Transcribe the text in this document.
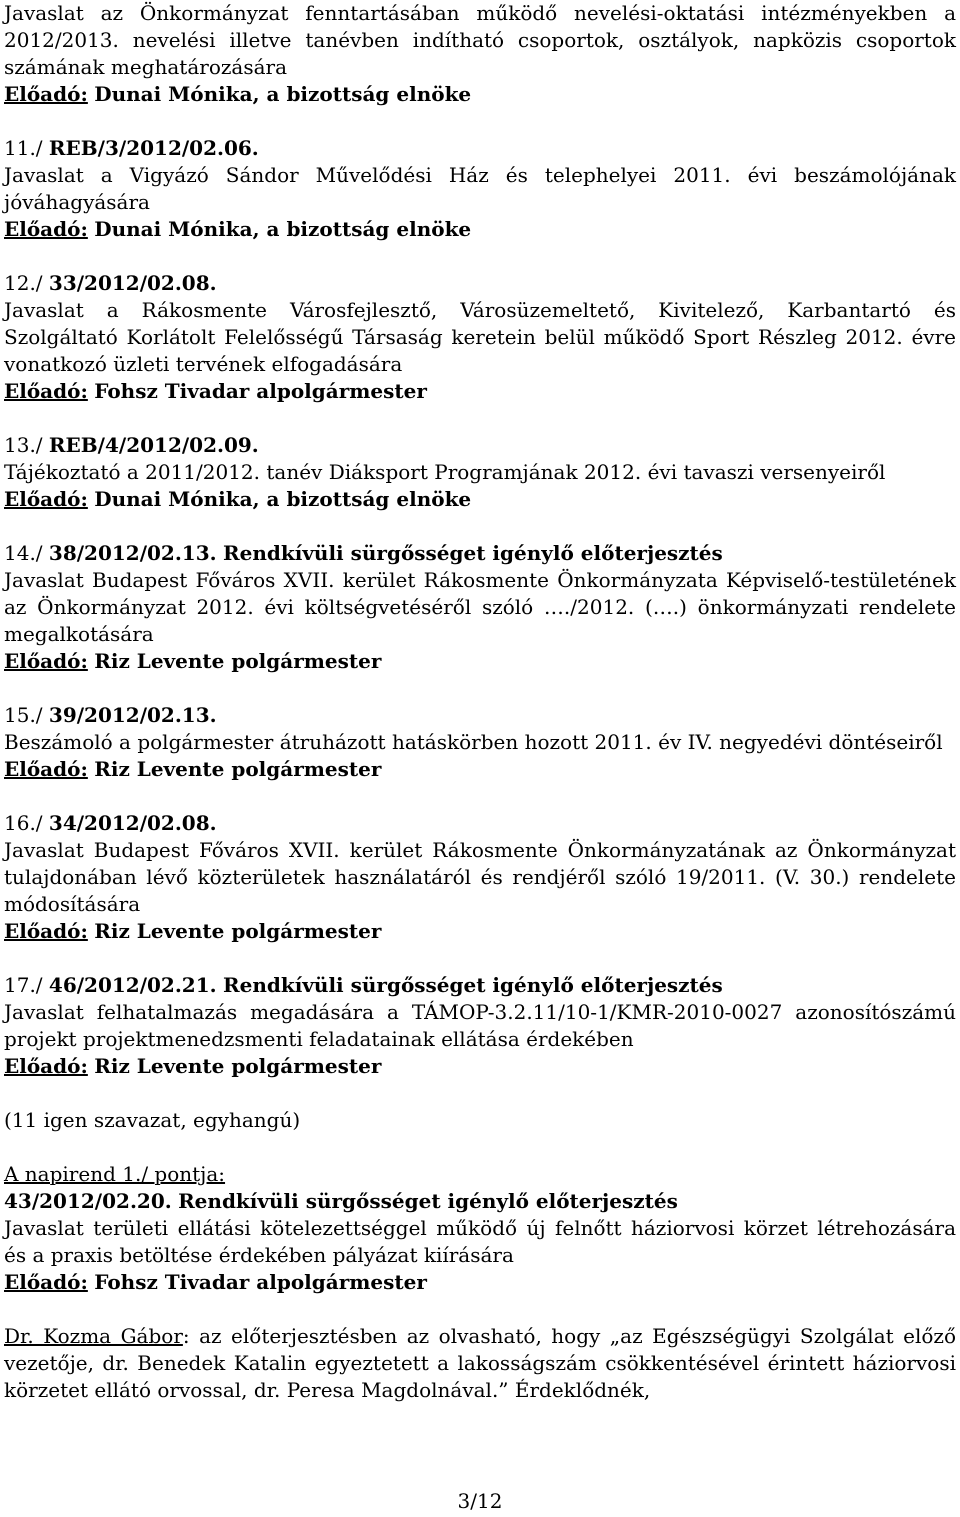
Javaslat az Önkormányzat fenntartásában működő nevelési-oktatási intézményekben a 2012/2013. nevelési illetve tanévben indítható csoportok, osztályok, napközis csoportok számának meghatározására

Előadó: Dunai Mónika, a bizottság elnöke

11./ REB/3/2012/02.06.

Javaslat a Vigyázó Sándor Művelődési Ház és telephelyei 2011. évi beszámolójának jóváhagyására

Előadó: Dunai Mónika, a bizottság elnöke

12./ 33/2012/02.08.

Javaslat a Rákosmente Városfejlesztő, Városüzemeltető, Kivitelező, Karbantartó és Szolgáltató Korlátolt Felelősségű Társaság keretein belül működő Sport Részleg 2012. évre vonatkozó üzleti tervének elfogadására

Előadó: Fohsz Tivadar alpolgármester

13./ REB/4/2012/02.09.

Tájékoztató a 2011/2012. tanév Diáksport Programjának 2012. évi tavaszi versenyeiről

Előadó: Dunai Mónika, a bizottság elnöke

14./ 38/2012/02.13. Rendkívüli sürgősséget igénylő előterjesztés

Javaslat Budapest Főváros XVII. kerület Rákosmente Önkormányzata Képviselő-testületének az Önkormányzat 2012. évi költségvetéséről szóló …./2012. (….) önkormányzati rendelete megalkotására

Előadó: Riz Levente polgármester

15./ 39/2012/02.13.

Beszámoló a polgármester átruházott hatáskörben hozott 2011. év IV. negyedévi döntéseiről

Előadó: Riz Levente polgármester

16./ 34/2012/02.08.

Javaslat Budapest Főváros XVII. kerület Rákosmente Önkormányzatának az Önkormányzat tulajdonában lévő közterületek használatáról és rendjéről szóló 19/2011. (V. 30.) rendelete módosítására

Előadó: Riz Levente polgármester

17./ 46/2012/02.21. Rendkívüli sürgősséget igénylő előterjesztés

Javaslat felhatalmazás megadására a TÁMOP-3.2.11/10-1/KMR-2010-0027 azonosítószámú projekt projektmenedzsmenti feladatainak ellátása érdekében

Előadó: Riz Levente polgármester

(11 igen szavazat, egyhangú)

A napirend 1./ pontja:

43/2012/02.20. Rendkívüli sürgősséget igénylő előterjesztés

Javaslat területi ellátási kötelezettséggel működő új felnőtt háziorvosi körzet létrehozására és a praxis betöltése érdekében pályázat kiírására

Előadó: Fohsz Tivadar alpolgármester

Dr. Kozma Gábor: az előterjesztésben az olvasható, hogy „az Egészségügyi Szolgálat előző vezetője, dr. Benedek Katalin egyeztetett a lakosságszám csökkentésével érintett háziorvosi körzetet ellátó orvossal, dr. Peresa Magdolnával.” Érdeklődnék,

3/12
